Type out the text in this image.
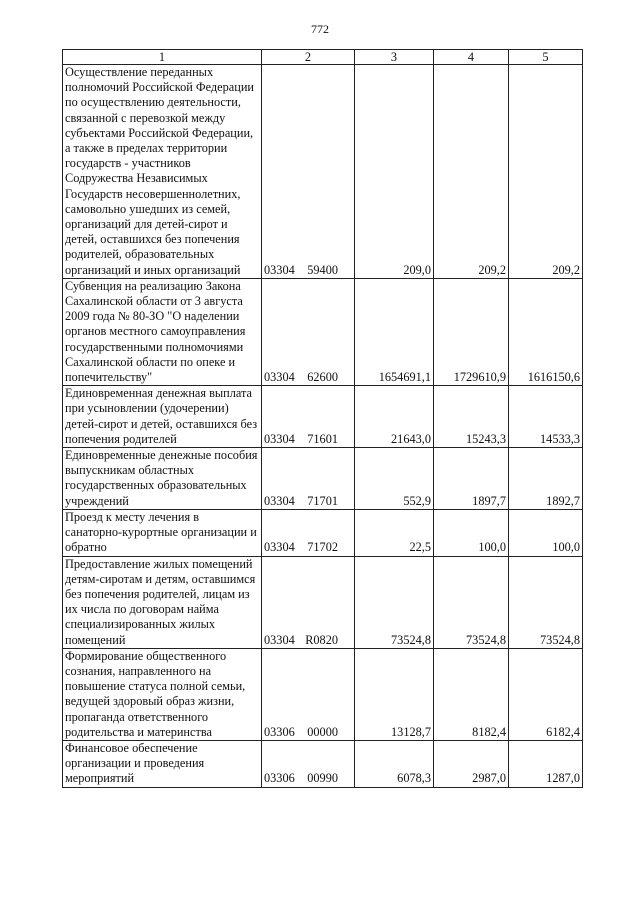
772
1	2	3	4	5
Осуществление переданных полномочий Российской Федерации по осуществлению деятельности, связанной с перевозкой между субъектами Российской Федерации, а также в пределах территории государств - участников Содружества Независимых Государств несовершеннолетних, самовольно ушедших из семей, организаций для детей-сирот и детей, оставшихся без попечения родителей, образовательных организаций и иных организаций	03304 59400	209,0	209,2	209,2
Субвенция на реализацию Закона Сахалинской области от 3 августа 2009 года № 80-ЗО "О наделении органов местного самоуправления государственными полномочиями Сахалинской области по опеке и попечительству"	03304 62600	1654691,1	1729610,9	1616150,6
Единовременная денежная выплата при усыновлении (удочерении) детей-сирот и детей, оставшихся без попечения родителей	03304 71601	21643,0	15243,3	14533,3
Единовременные денежные пособия выпускникам областных государственных образовательных учреждений	03304 71701	552,9	1897,7	1892,7
Проезд к месту лечения в санаторно-курортные организации и обратно	03304 71702	22,5	100,0	100,0
Предоставление жилых помещений детям-сиротам и детям, оставшимся без попечения родителей, лицам из их числа по договорам найма специализированных жилых помещений	03304 R0820	73524,8	73524,8	73524,8
Формирование общественного сознания, направленного на повышение статуса полной семьи, ведущей здоровый образ жизни, пропаганда ответственного родительства и материнства	03306 00000	13128,7	8182,4	6182,4
Финансовое обеспечение организации и проведения мероприятий	03306 00990	6078,3	2987,0	1287,0
